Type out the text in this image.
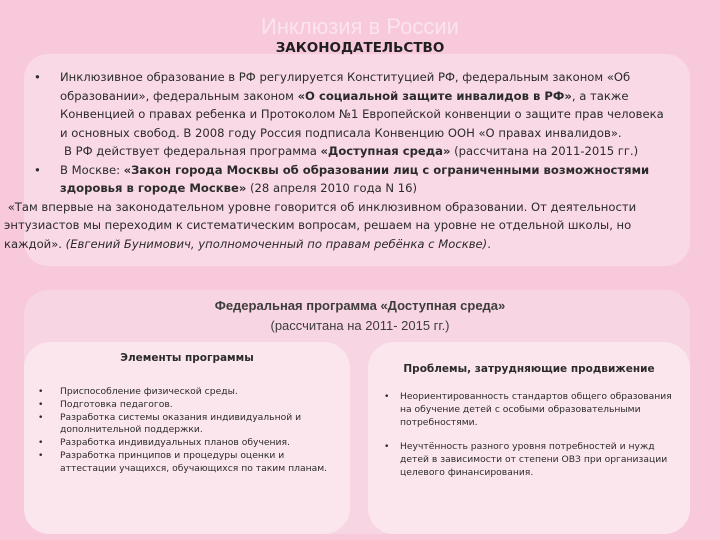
Инклюзия в России
ЗАКОНОДАТЕЛЬСТВО
• Инклюзивное образование в РФ регулируется Конституцией РФ, федеральным законом «Об образовании», федеральным законом «О социальной защите инвалидов в РФ», а также Конвенцией о правах ребенка и Протоколом №1 Европейской конвенции о защите прав человека и основных свобод. В 2008 году Россия подписала Конвенцию ООН «О правах инвалидов».
В РФ действует федеральная программа «Доступная среда» (рассчитана на 2011-2015 гг.)
• В Москве: «Закон города Москвы об образовании лиц с ограниченными возможностями здоровья в городе Москве» (28 апреля 2010 года N 16)
«Там впервые на законодательном уровне говорится об инклюзивном образовании. От деятельности энтузиастов мы переходим к систематическим вопросам, решаем на уровне не отдельной школы, но каждой». (Евгений Бунимович, уполномоченный по правам ребёнка с Москве).
Федеральная программа «Доступная среда»
(рассчитана на 2011- 2015 гг.)
Элементы программы
• Приспособление физической среды.
• Подготовка педагогов.
• Разработка системы оказания индивидуальной и дополнительной поддержки.
• Разработка индивидуальных планов обучения.
• Разработка принципов и процедуры оценки и аттестации учащихся, обучающихся по таким планам.
Проблемы, затрудняющие продвижение
• Неориентированность стандартов общего образования на обучение детей с особыми образовательными потребностями.
• Неучтённость разного уровня потребностей и нужд детей в зависимости от степени ОВЗ при организации целевого финансирования.
